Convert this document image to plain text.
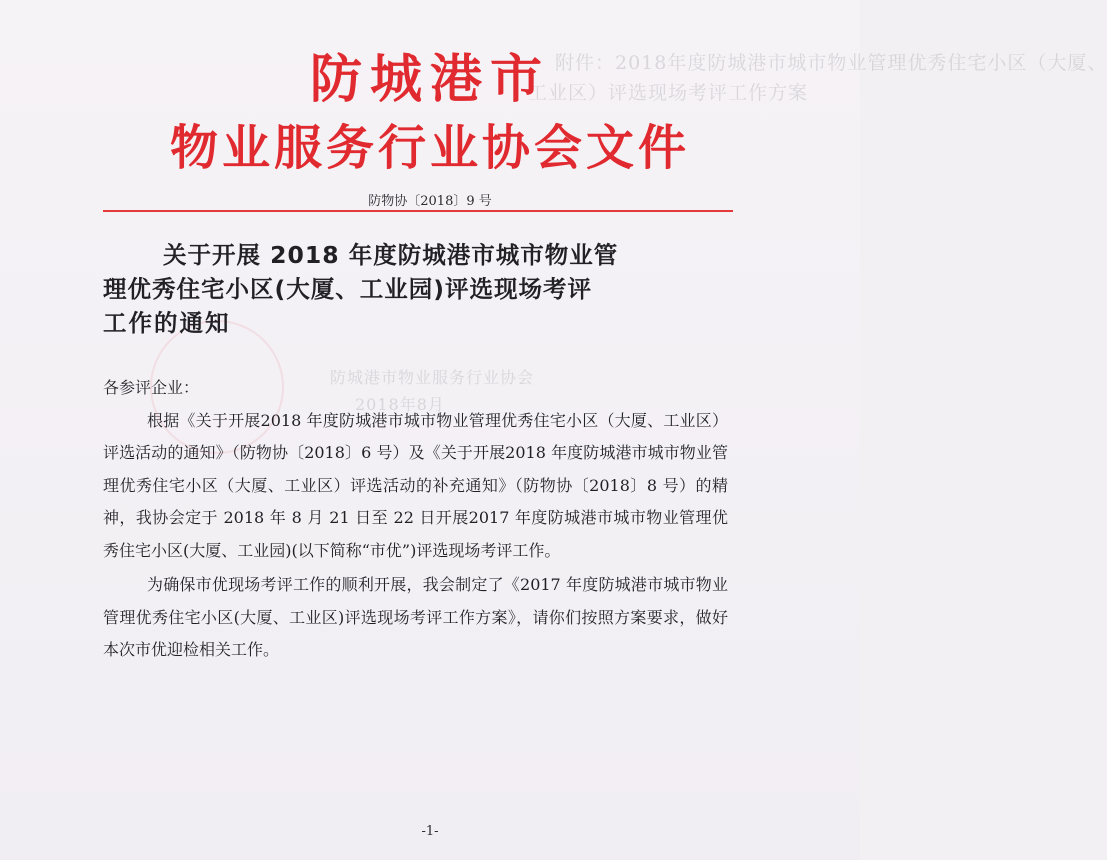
附件：2018年度防城港市城市物业管理优秀住宅小区（大厦、
工业区）评选现场考评工作方案
防城港市物业服务行业协会
2018年8月
防城港市
物业服务行业协会文件
防物协〔2018〕9 号
关于开展 2018 年度防城港市城市物业管
理优秀住宅小区(大厦、工业园)评选现场考评
工作的通知

各参评企业：

根据《关于开展2018 年度防城港市城市物业管理优秀住宅小区（大厦、工业区）评选活动的通知》（防物协〔2018〕6 号）及《关于开展2018 年度防城港市城市物业管理优秀住宅小区（大厦、工业区）评选活动的补充通知》（防物协〔2018〕8 号）的精神，我协会定于 2018 年 8 月 21 日至 22 日开展2017 年度防城港市城市物业管理优秀住宅小区(大厦、工业园)(以下简称“市优”)评选现场考评工作。

为确保市优现场考评工作的顺利开展，我会制定了《2017 年度防城港市城市物业管理优秀住宅小区(大厦、工业区)评选现场考评工作方案》，请你们按照方案要求，做好本次市优迎检相关工作。

-1-
